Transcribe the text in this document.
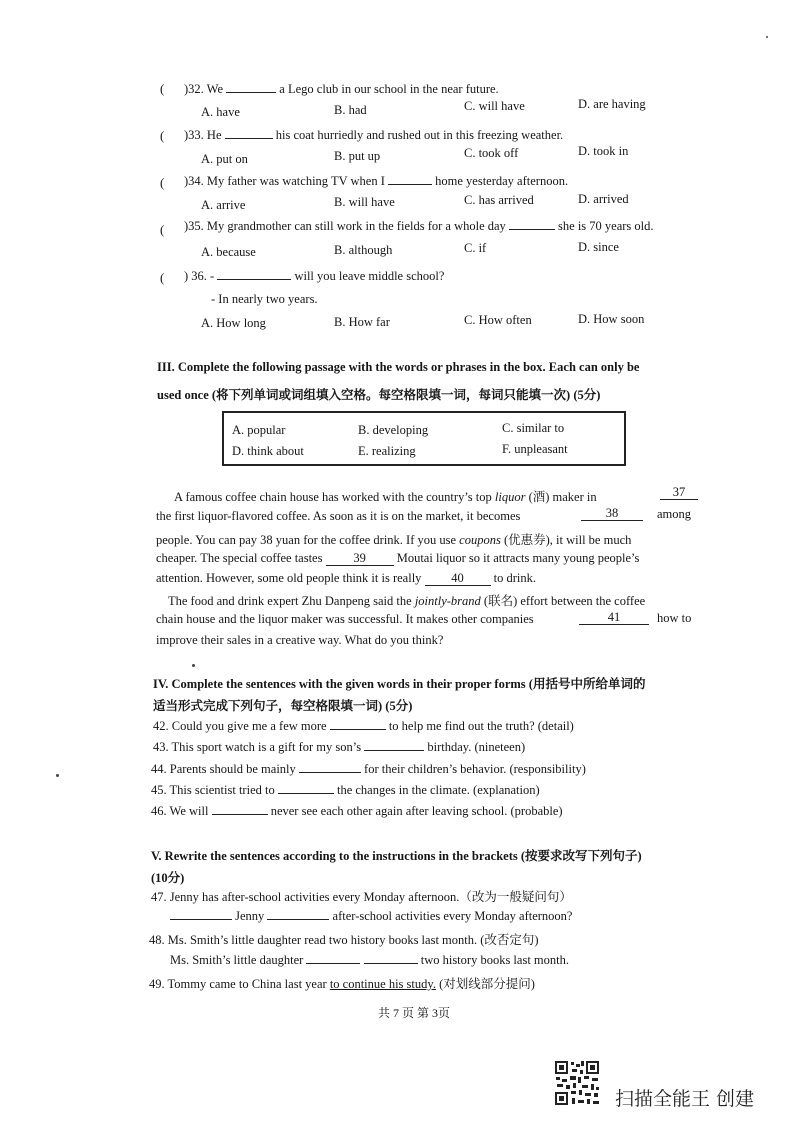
( )32. We	a Lego club in our school in the near future.
A. have	B. had	C. will have	D. are having
( )33. He	his coat hurriedly and rushed out in this freezing weather.
A. put on	B. put up	C. took off	D. took in
( )34. My father was watching TV when I	home yesterday afternoon.
A. arrive	B. will have	C. has arrived	D. arrived
( )35. My grandmother can still work in the fields for a whole day	she is 70 years old.
A. because	B. although	C. if	D. since
( ) 36. -	will you leave middle school?
- In nearly two years.
A. How long	B. How far	C. How often	D. How soon
III. Complete the following passage with the words or phrases in the box. Each can only be
used once (将下列单词或词组填入空格。每空格限填一词，每词只能填一次) (5分)
A. popular	B. developing	C. similar to
D. think about	E. realizing	F. unpleasant
A famous coffee chain house has worked with the country’s top liquor (酒) maker in	37
the first liquor-flavored coffee. As soon as it is on the market, it becomes	38	among
people. You can pay 38 yuan for the coffee drink. If you use coupons (优惠券), it will be much
cheaper. The special coffee tastes 39 Moutai liquor so it attracts many young people’s
attention. However, some old people think it is really 40 to drink.
The food and drink expert Zhu Danpeng said the jointly-brand (联名) effort between the coffee
chain house and the liquor maker was successful. It makes other companies	41	how to
improve their sales in a creative way. What do you think?
IV. Complete the sentences with the given words in their proper forms (用括号中所给单词的
适当形式完成下列句子，每空格限填一词) (5分)
42. Could you give me a few more	to help me find out the truth? (detail)
43. This sport watch is a gift for my son’s	birthday. (nineteen)
44. Parents should be mainly	for their children’s behavior. (responsibility)
45. This scientist tried to	the changes in the climate. (explanation)
46. We will	never see each other again after leaving school. (probable)
V. Rewrite the sentences according to the instructions in the brackets (按要求改写下列句子)
(10分)
47. Jenny has after-school activities every Monday afternoon.（改为一般疑问句）
Jenny	after-school activities every Monday afternoon?
48. Ms. Smith’s little daughter read two history books last month. (改否定句)
Ms. Smith’s little daughter	two history books last month.
49. Tommy came to China last year to continue his study. (对划线部分提问)
共 7 页 第 3页
扫描全能王 创建
